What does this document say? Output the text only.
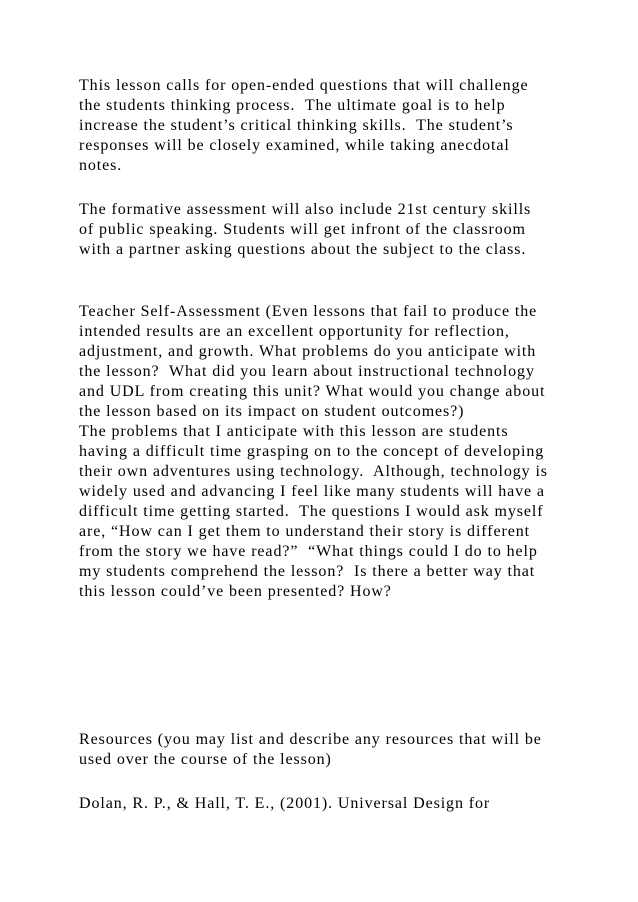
This lesson calls for open-ended questions that will challenge
the students thinking process.  The ultimate goal is to help
increase the student’s critical thinking skills.  The student’s
responses will be closely examined, while taking anecdotal
notes.
The formative assessment will also include 21st century skills
of public speaking. Students will get infront of the classroom
with a partner asking questions about the subject to the class.
Teacher Self-Assessment (Even lessons that fail to produce the
intended results are an excellent opportunity for reflection,
adjustment, and growth. What problems do you anticipate with
the lesson?  What did you learn about instructional technology
and UDL from creating this unit? What would you change about
the lesson based on its impact on student outcomes?)
The problems that I anticipate with this lesson are students
having a difficult time grasping on to the concept of developing
their own adventures using technology.  Although, technology is
widely used and advancing I feel like many students will have a
difficult time getting started.  The questions I would ask myself
are, “How can I get them to understand their story is different
from the story we have read?”  “What things could I do to help
my students comprehend the lesson?  Is there a better way that
this lesson could’ve been presented? How?
Resources (you may list and describe any resources that will be
used over the course of the lesson)
Dolan, R. P., & Hall, T. E., (2001). Universal Design for
